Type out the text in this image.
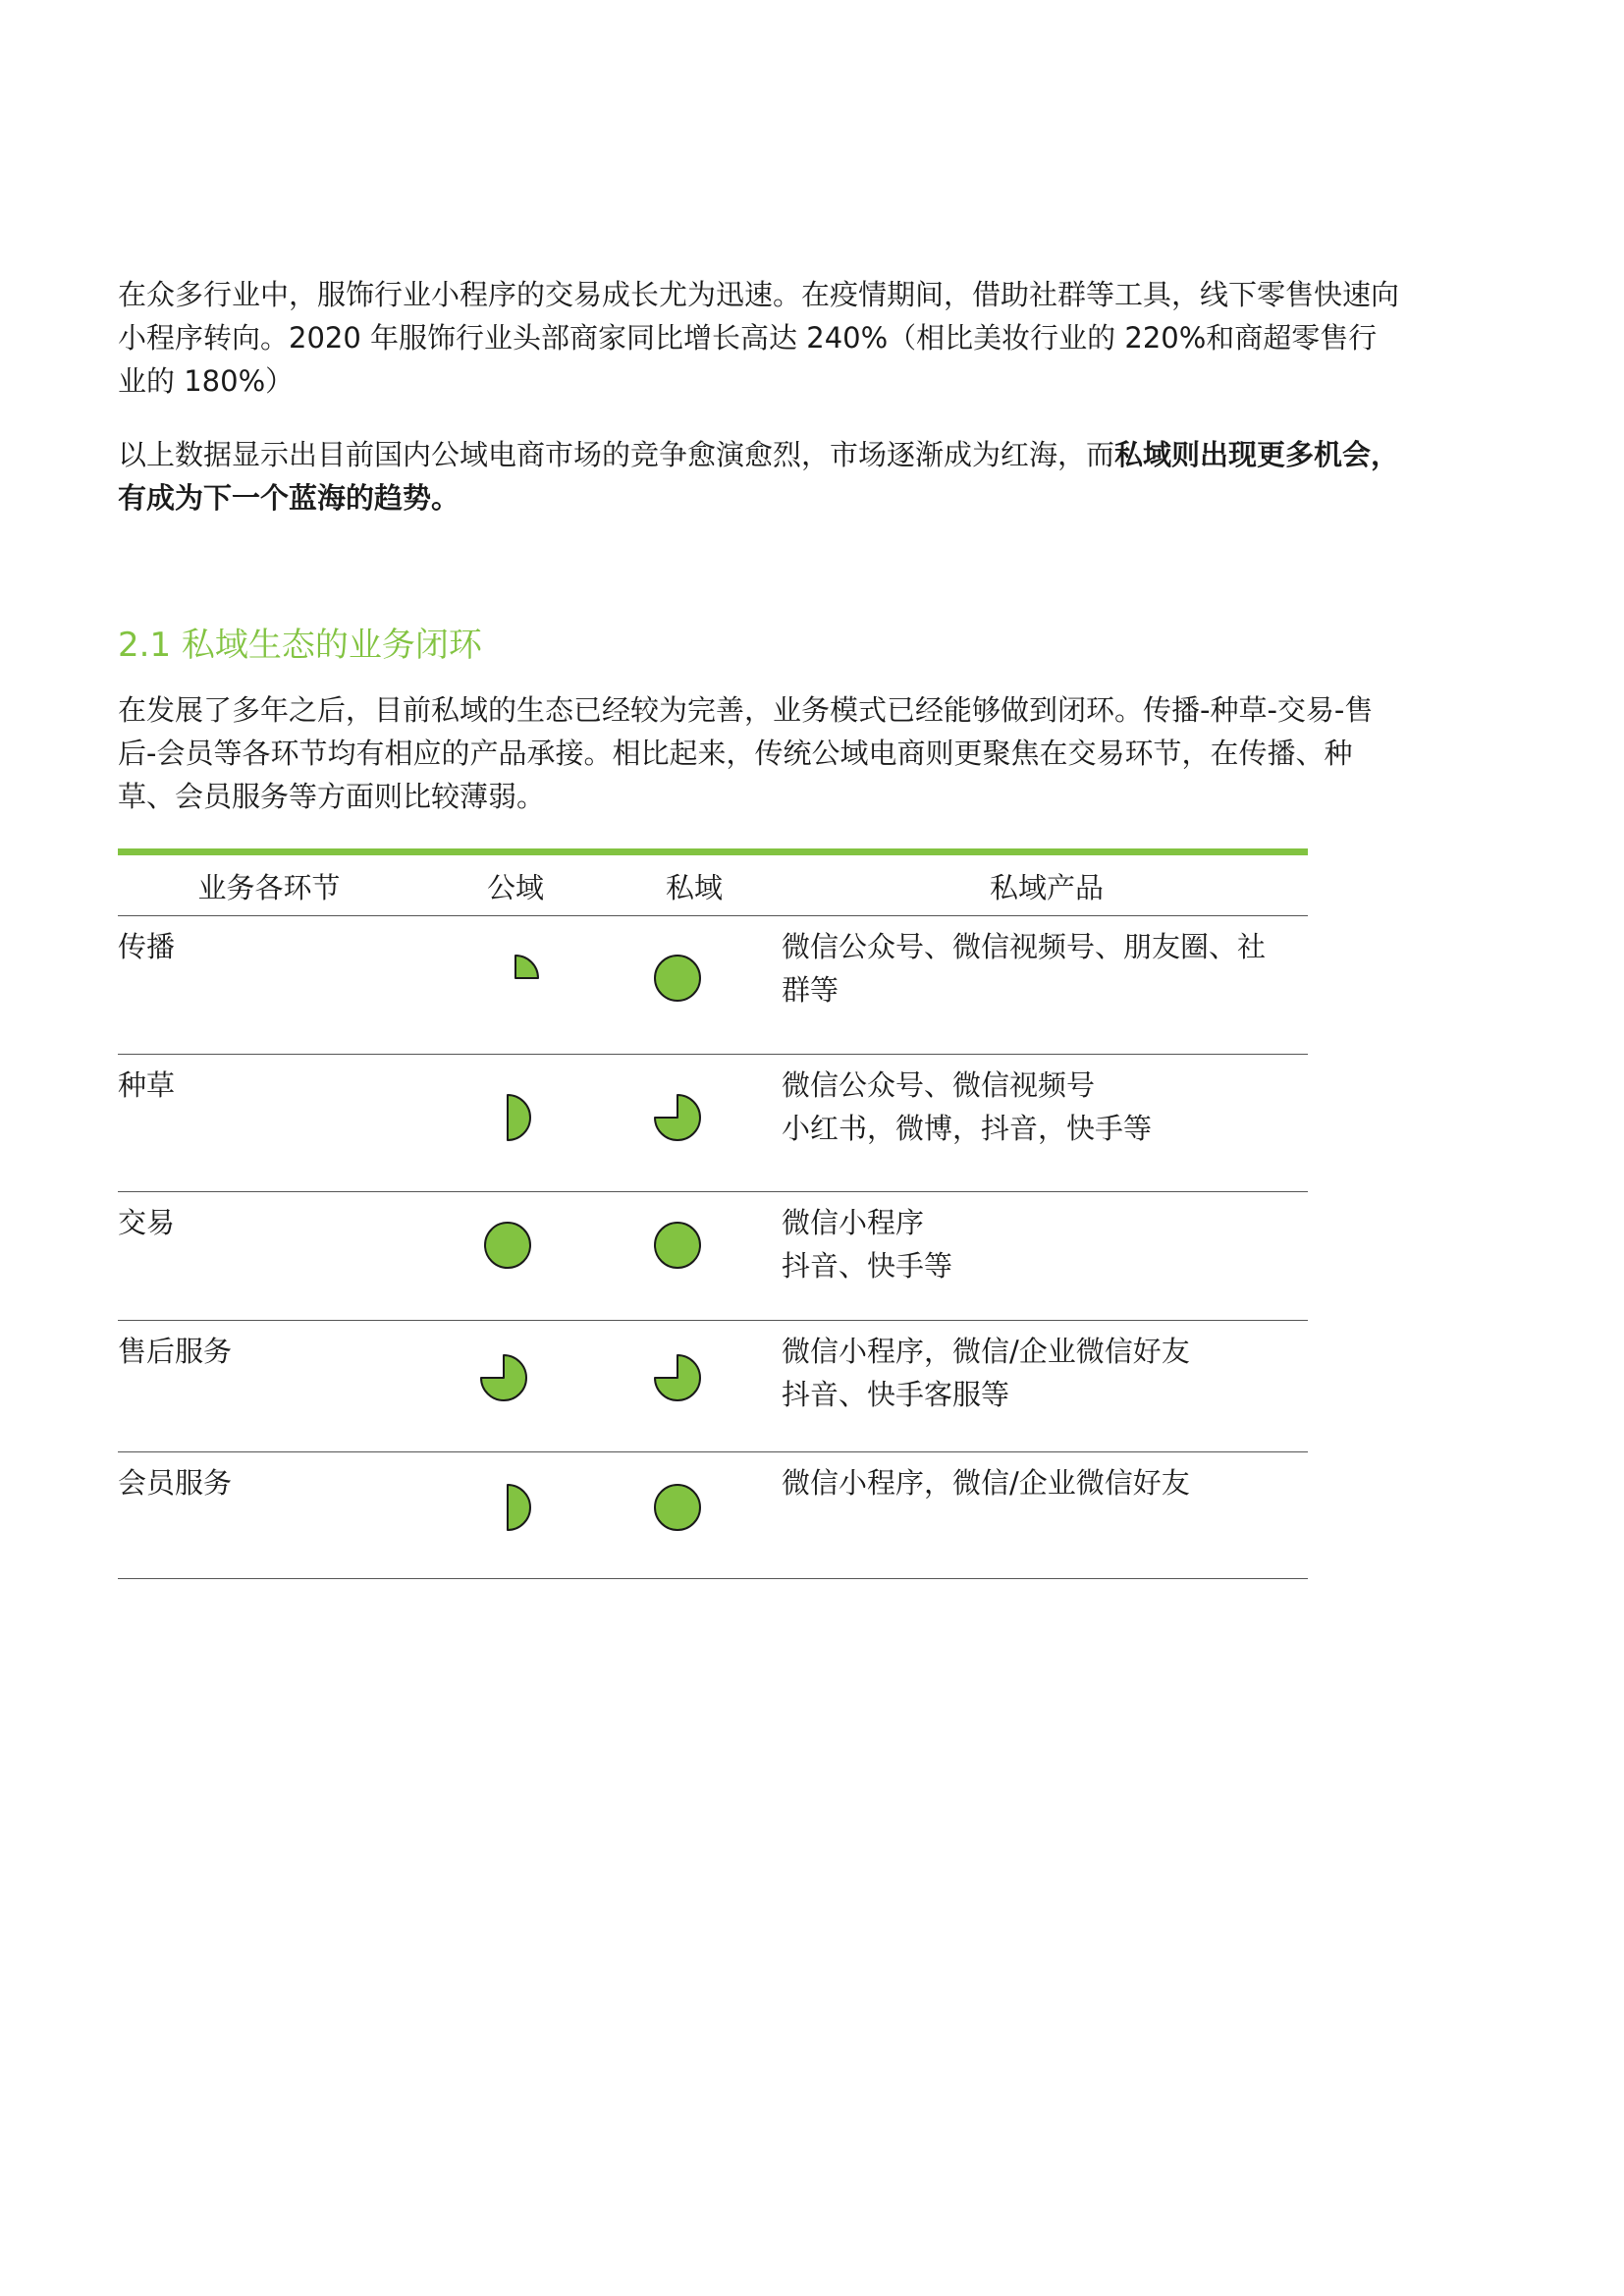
在众多行业中，服饰行业小程序的交易成长尤为迅速。在疫情期间，借助社群等工具，线下零售快速向小程序转向。2020 年服饰行业头部商家同比增长高达 240%（相比美妆行业的 220%和商超零售行业的 180%）

以上数据显示出目前国内公域电商市场的竞争愈演愈烈，市场逐渐成为红海，而私域则出现更多机会，有成为下一个蓝海的趋势。

2.1 私域生态的业务闭环

在发展了多年之后，目前私域的生态已经较为完善，业务模式已经能够做到闭环。传播-种草-交易-售后-会员等各环节均有相应的产品承接。相比起来，传统公域电商则更聚焦在交易环节，在传播、种草、会员服务等方面则比较薄弱。

业务各环节	公域	私域	私域产品
传播	微信公众号、微信视频号、朋友圈、社
群等
种草	微信公众号、微信视频号
小红书，微博，抖音，快手等
交易	微信小程序
抖音、快手等
售后服务	微信小程序，微信/企业微信好友
抖音、快手客服等
会员服务	微信小程序，微信/企业微信好友
